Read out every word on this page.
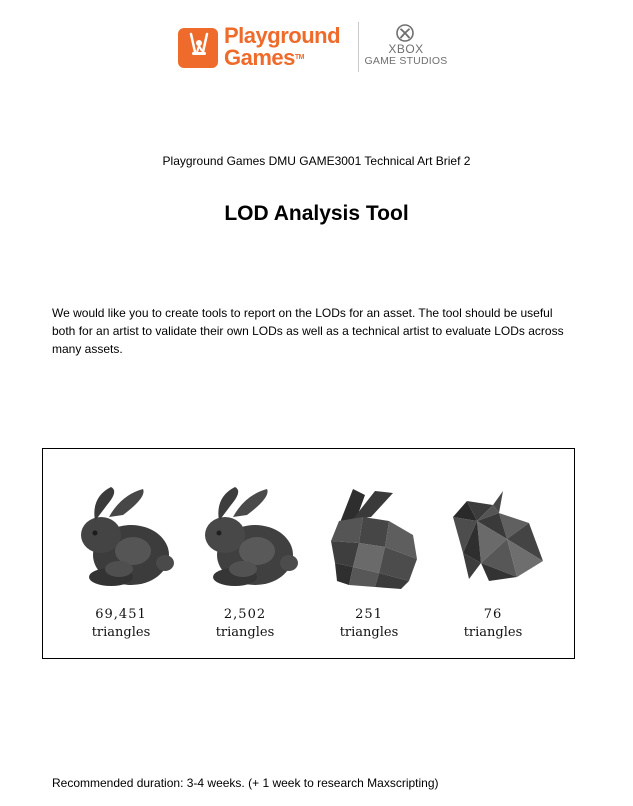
Playground
Games™
XBOX
GAME STUDIOS
Playground Games DMU GAME3001 Technical Art Brief 2
LOD Analysis Tool
We would like you to create tools to report on the LODs for an asset. The tool should be useful both for an artist to validate their own LODs as well as a technical artist to evaluate LODs across many assets.
69,451
triangles
2,502
triangles
251
triangles
76
triangles
Recommended duration: 3-4 weeks. (+ 1 week to research Maxscripting)
